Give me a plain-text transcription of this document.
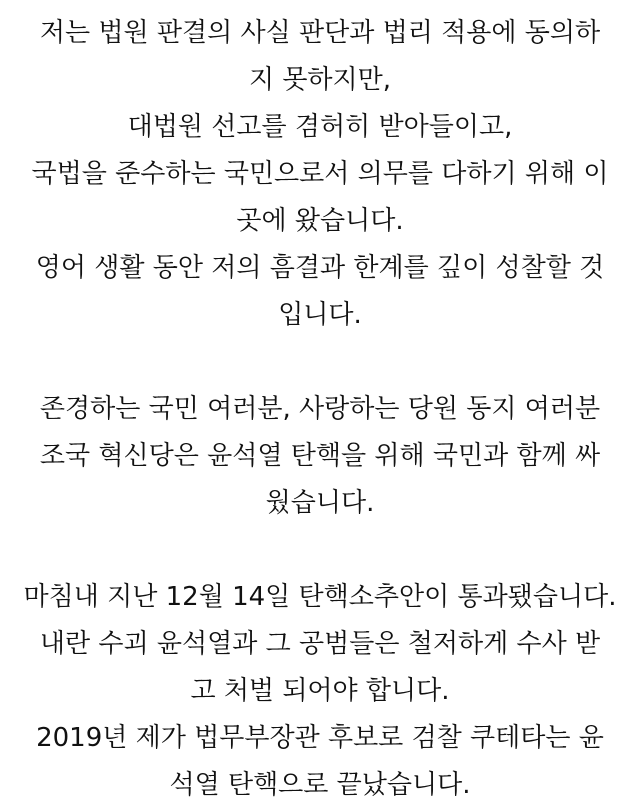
저는 법원 판결의 사실 판단과 법리 적용에 동의하
지 못하지만,
대법원 선고를 겸허히 받아들이고,
국법을 준수하는 국민으로서 의무를 다하기 위해 이
곳에 왔습니다.
영어 생활 동안 저의 흠결과 한계를 깊이 성찰할 것
입니다.
존경하는 국민 여러분, 사랑하는 당원 동지 여러분
조국 혁신당은 윤석열 탄핵을 위해 국민과 함께 싸
웠습니다.
마침내 지난 12월 14일 탄핵소추안이 통과됐습니다.
내란 수괴 윤석열과 그 공범들은 철저하게 수사 받
고 처벌 되어야 합니다.
2019년 제가 법무부장관 후보로 검찰 쿠테타는 윤
석열 탄핵으로 끝났습니다.
